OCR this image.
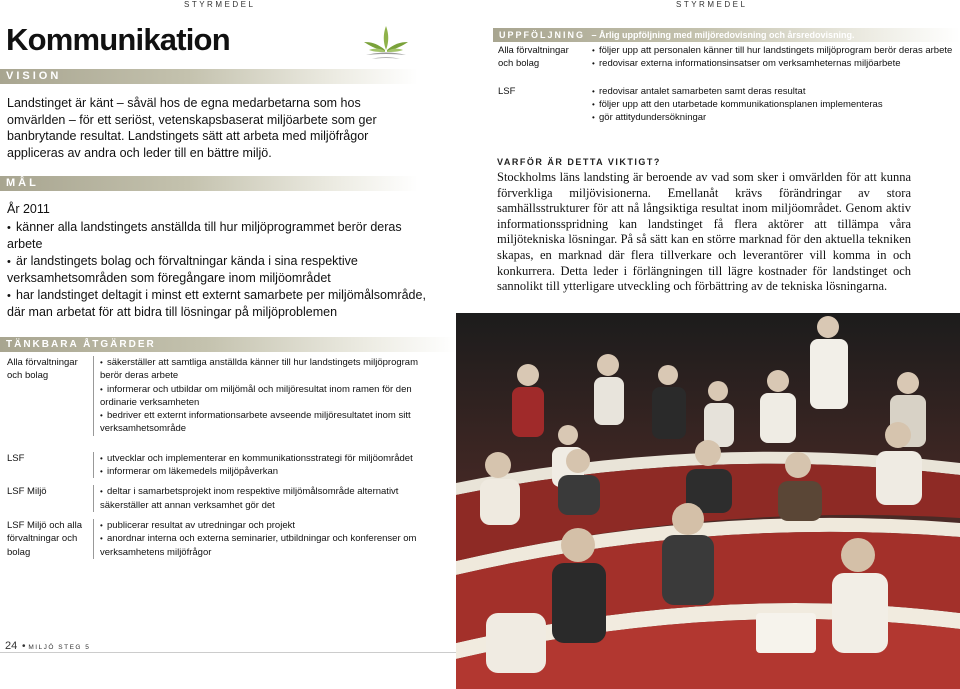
STYRMEDEL	STYRMEDEL
Kommunikation
VISION

Landstinget är känt – såväl hos de egna medarbetarna som hos omvärlden – för ett seriöst, vetenskapsbaserat miljöarbete som ger banbrytande resultat. Landstingets sätt att arbeta med miljöfrågor appliceras av andra och leder till en bättre miljö.

MÅL
År 2011
• känner alla landstingets anställda till hur miljöprogrammet berör deras arbete
• är landstingets bolag och förvaltningar kända i sina respektive verksamhetsområden som föregångare inom miljöområdet
• har landstinget deltagit i minst ett externt samarbete per miljömålsområde, där man arbetat för att bidra till lösningar på miljöproblemen
TÄNKBARA ÅTGÄRDER
Alla förvaltningar och bolag
• säkerställer att samtliga anställda känner till hur landstingets miljöprogram berör deras arbete
• informerar och utbildar om miljömål och miljöresultat inom ramen för den ordinarie verksamheten
• bedriver ett externt informationsarbete avseende miljöresultatet inom sitt verksamhetsområde
LSF	• utvecklar och implementerar en kommunikationsstrategi för miljöområdet
• informerar om läkemedels miljöpåverkan
LSF Miljö	• deltar i samarbetsprojekt inom respektive miljömålsområde alternativt säkerställer att annan verksamhet gör det
LSF Miljö och alla förvaltningar och bolag
• publicerar resultat av utredningar och projekt
• anordnar interna och externa seminarier, utbildningar och konferenser om verksamhetens miljöfrågor
UPPFÖLJNING – Årlig uppföljning med miljöredovisning och årsredovisning.
Alla förvaltningar och bolag
• följer upp att personalen känner till hur landstingets miljöprogram berör deras arbete
• redovisar externa informationsinsatser om verksamheternas miljöarbete
LSF	• redovisar antalet samarbeten samt deras resultat
• följer upp att den utarbetade kommunikationsplanen implementeras
• gör attitydundersökningar
VARFÖR ÄR DETTA VIKTIGT?

Stockholms läns landsting är beroende av vad som sker i omvärlden för att kunna förverkliga miljövisionerna. Emellanåt krävs förändringar av stora samhällsstrukturer för att nå långsiktiga resultat inom miljöområdet. Genom aktiv informationsspridning kan landstinget få flera aktörer att tillämpa våra miljötekniska lösningar. På så sätt kan en större marknad för den aktuella tekniken skapas, en marknad där flera tillverkare och leverantörer vill komma in och konkurrera. Detta leder i förlängningen till lägre kostnader för landstinget och sannolikt till ytterligare utveckling och förbättring av de tekniska lösningarna.

24 • MILJÖ STEG 5
